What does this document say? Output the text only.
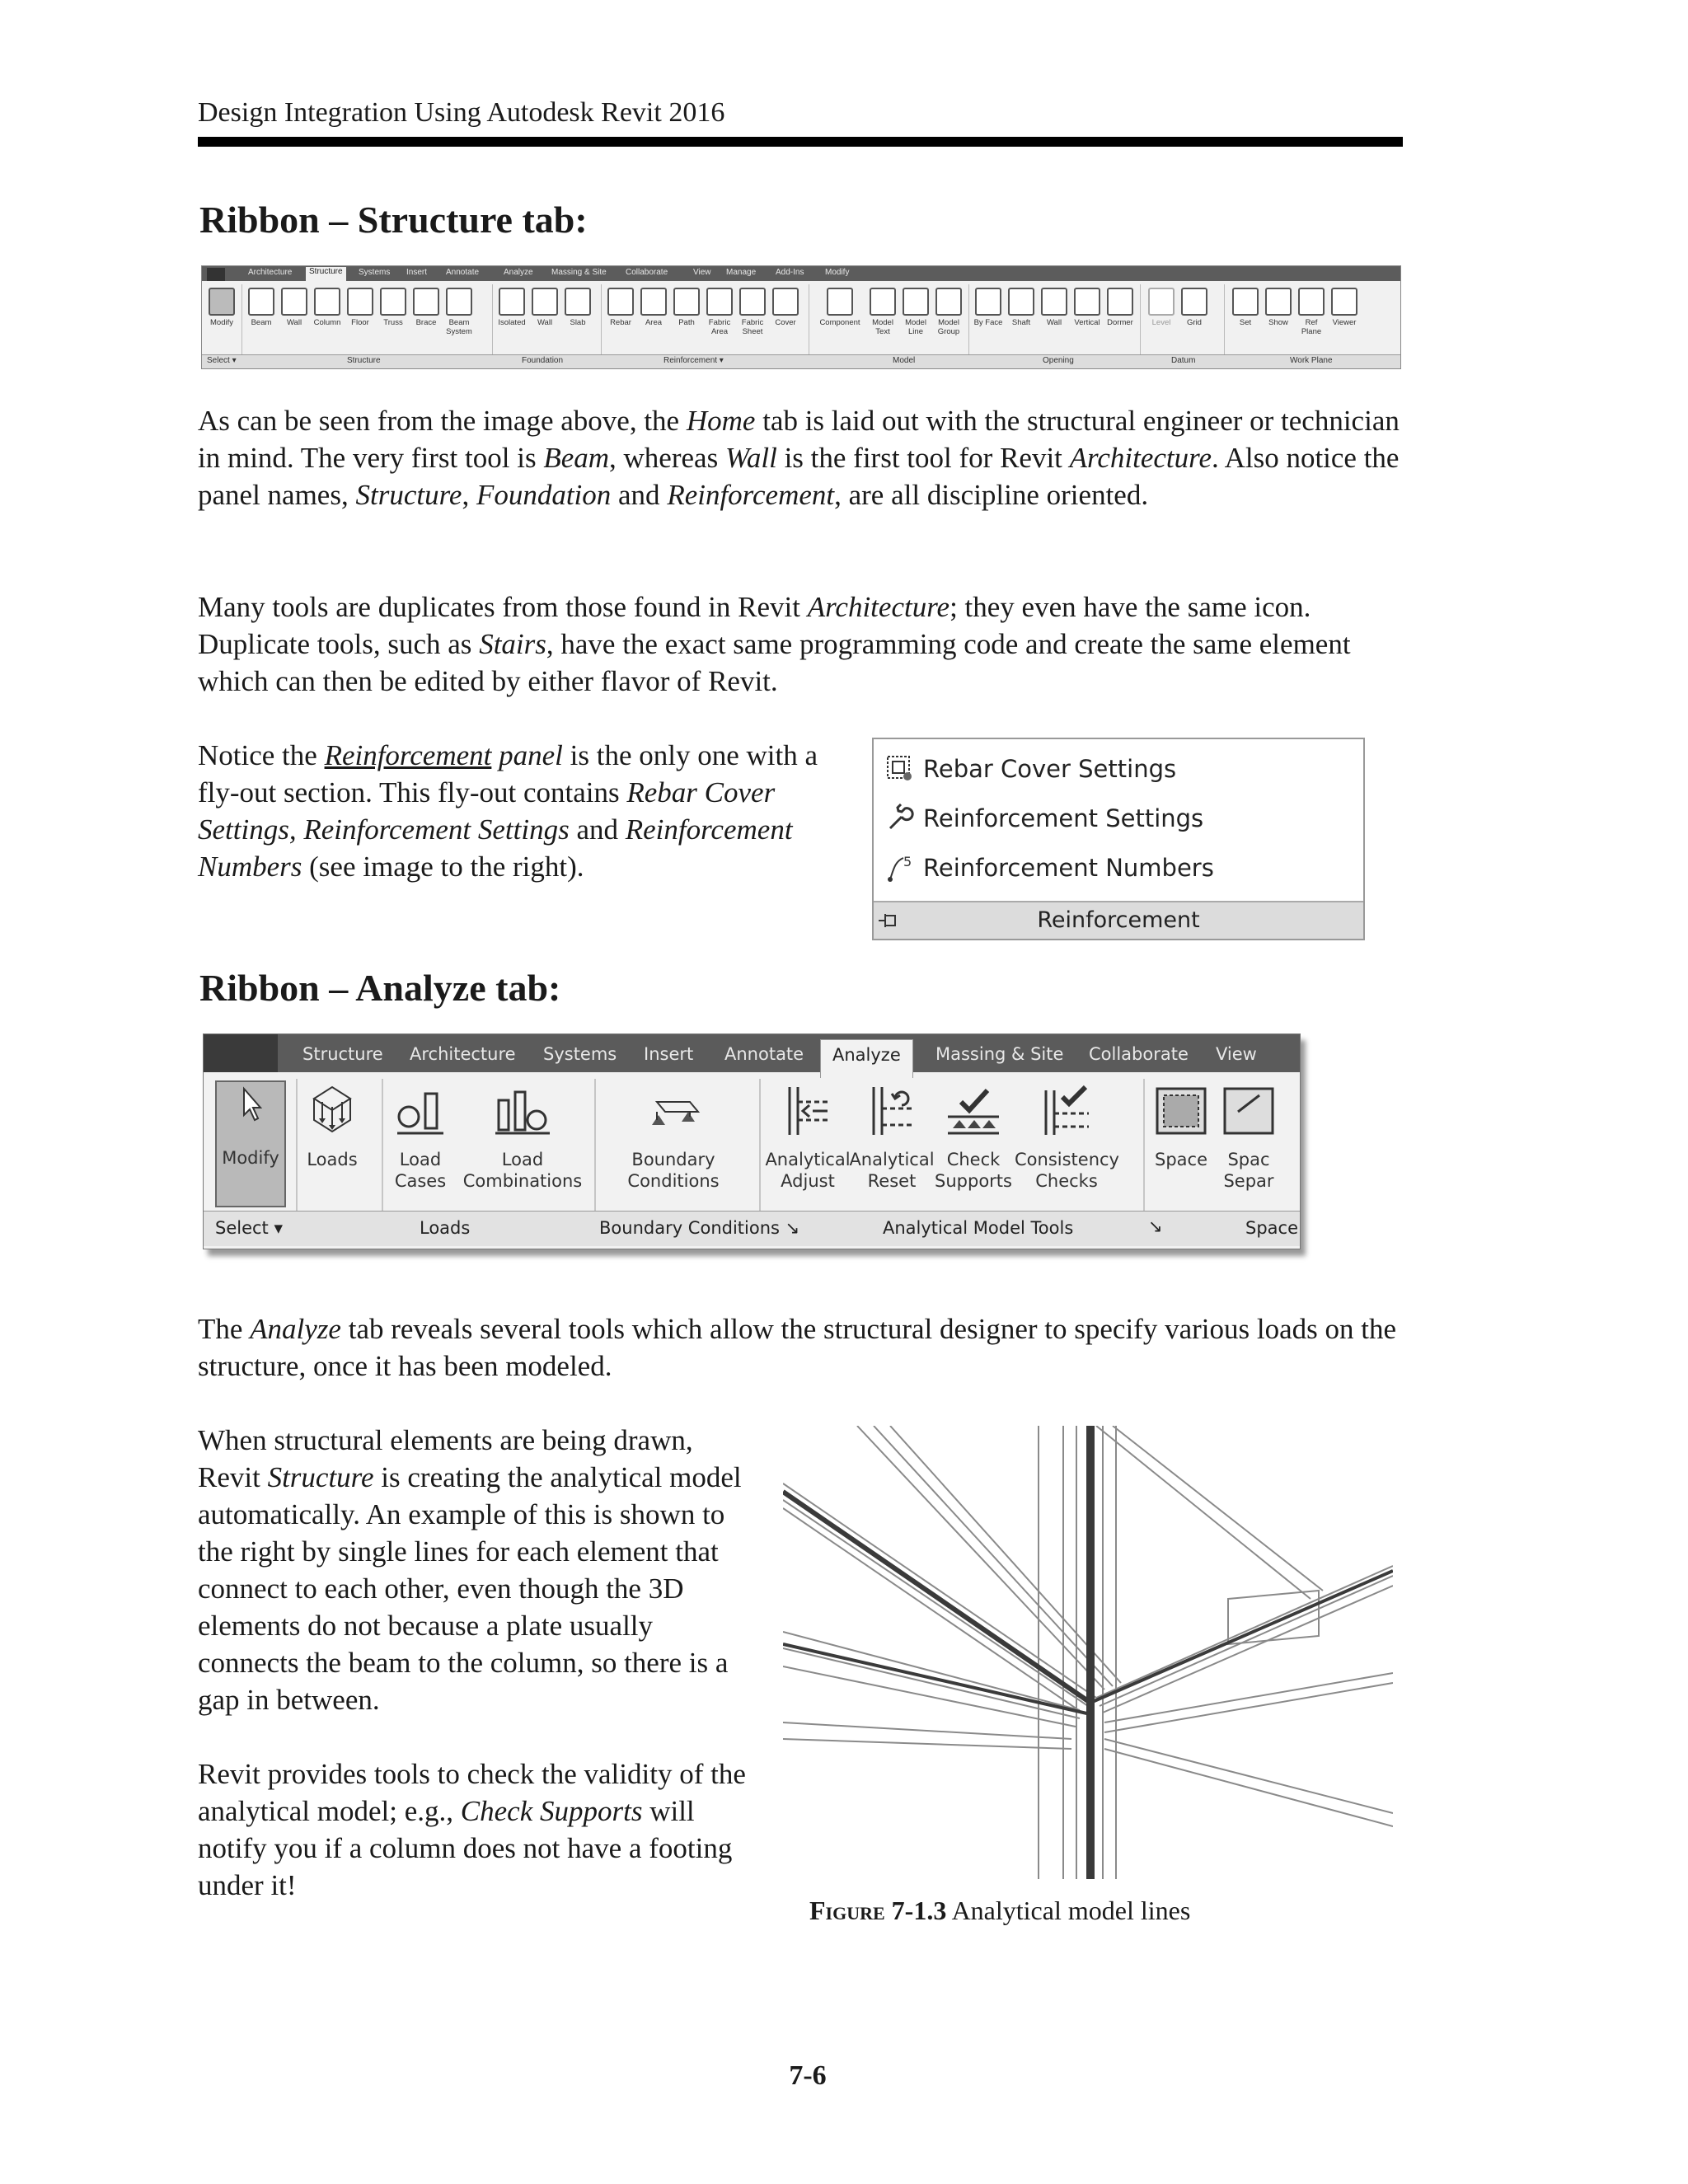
Design Integration Using Autodesk Revit 2016
Ribbon – Structure tab:
Architecture	Structure	Systems Insert Annotate	Analyze Massing & Site Collaborate	View Manage Add-Ins	Modify
Modify	Beam	Wall	Column	Floor	Truss	Brace	Beam System
Isolated	Wall	Slab	Rebar	Area	Path	Fabric Area
Fabric Sheet
Cover	Component	Model Text
Model Line
Model Group
By Face	Shaft	Wall	Vertical Dormer	Level	Grid	Set	Show	Ref Plane
Viewer
Select ▾	Structure	Foundation	Reinforcement ▾	Model	Opening	Datum	Work Plane

As can be seen from the image above, the Home tab is laid out with the structural engineer or technician in mind. The very first tool is Beam, whereas Wall is the first tool for Revit Architecture. Also notice the panel names, Structure, Foundation and Reinforcement, are all discipline oriented.

Many tools are duplicates from those found in Revit Architecture; they even have the same icon. Duplicate tools, such as Stairs, have the exact same programming code and create the same element which can then be edited by either flavor of Revit.

Notice the Reinforcement panel is the only one with a fly-out section. This fly-out contains Rebar Cover Settings, Reinforcement Settings and Reinforcement Numbers (see image to the right).

Rebar Cover Settings
Reinforcement Settings
5 Reinforcement Numbers
Reinforcement
Ribbon – Analyze tab:
Structure Architecture Systems Insert Annotate	Analyze	Massing & Site Collaborate View
Modify	Loads	Load
Cases
Load
Combinations
Boundary
Conditions
Analytical
Adjust
Analytical
Reset
Check
Supports
Consistency
Checks
Space	Spac
Separ
Select ▾	Loads	Boundary Conditions ↘	Analytical Model Tools	↘	Space

The Analyze tab reveals several tools which allow the structural designer to specify various loads on the structure, once it has been modeled.

When structural elements are being drawn, Revit Structure is creating the analytical model automatically. An example of this is shown to the right by single lines for each element that connect to each other, even though the 3D elements do not because a plate usually connects the beam to the column, so there is a gap in between.

Revit provides tools to check the validity of the analytical model; e.g., Check Supports will notify you if a column does not have a footing under it!

Figure 7-1.3 Analytical model lines
7-6
